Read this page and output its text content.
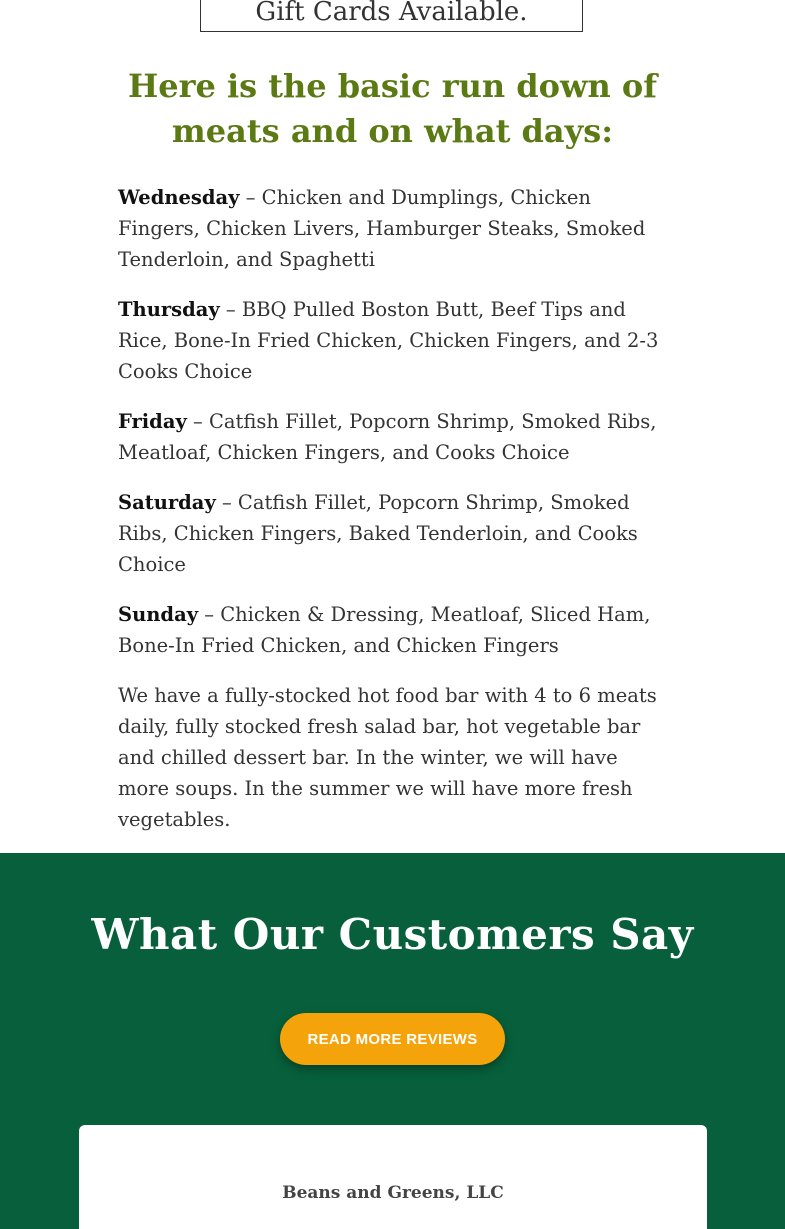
Gift Cards Available.
Here is the basic run down of meats and on what days:

Wednesday – Chicken and Dumplings, Chicken Fingers, Chicken Livers, Hamburger Steaks, Smoked Tenderloin, and Spaghetti

Thursday – BBQ Pulled Boston Butt, Beef Tips and Rice, Bone-In Fried Chicken, Chicken Fingers, and 2-3 Cooks Choice

Friday – Catfish Fillet, Popcorn Shrimp, Smoked Ribs, Meatloaf, Chicken Fingers, and Cooks Choice

Saturday – Catfish Fillet, Popcorn Shrimp, Smoked Ribs, Chicken Fingers, Baked Tenderloin, and Cooks Choice

Sunday – Chicken & Dressing, Meatloaf, Sliced Ham, Bone-In Fried Chicken, and Chicken Fingers

We have a fully-stocked hot food bar with 4 to 6 meats daily, fully stocked fresh salad bar, hot vegetable bar and chilled dessert bar. In the winter, we will have more soups. In the summer we will have more fresh vegetables.

What Our Customers Say
READ MORE REVIEWS
Beans and Greens, LLC
